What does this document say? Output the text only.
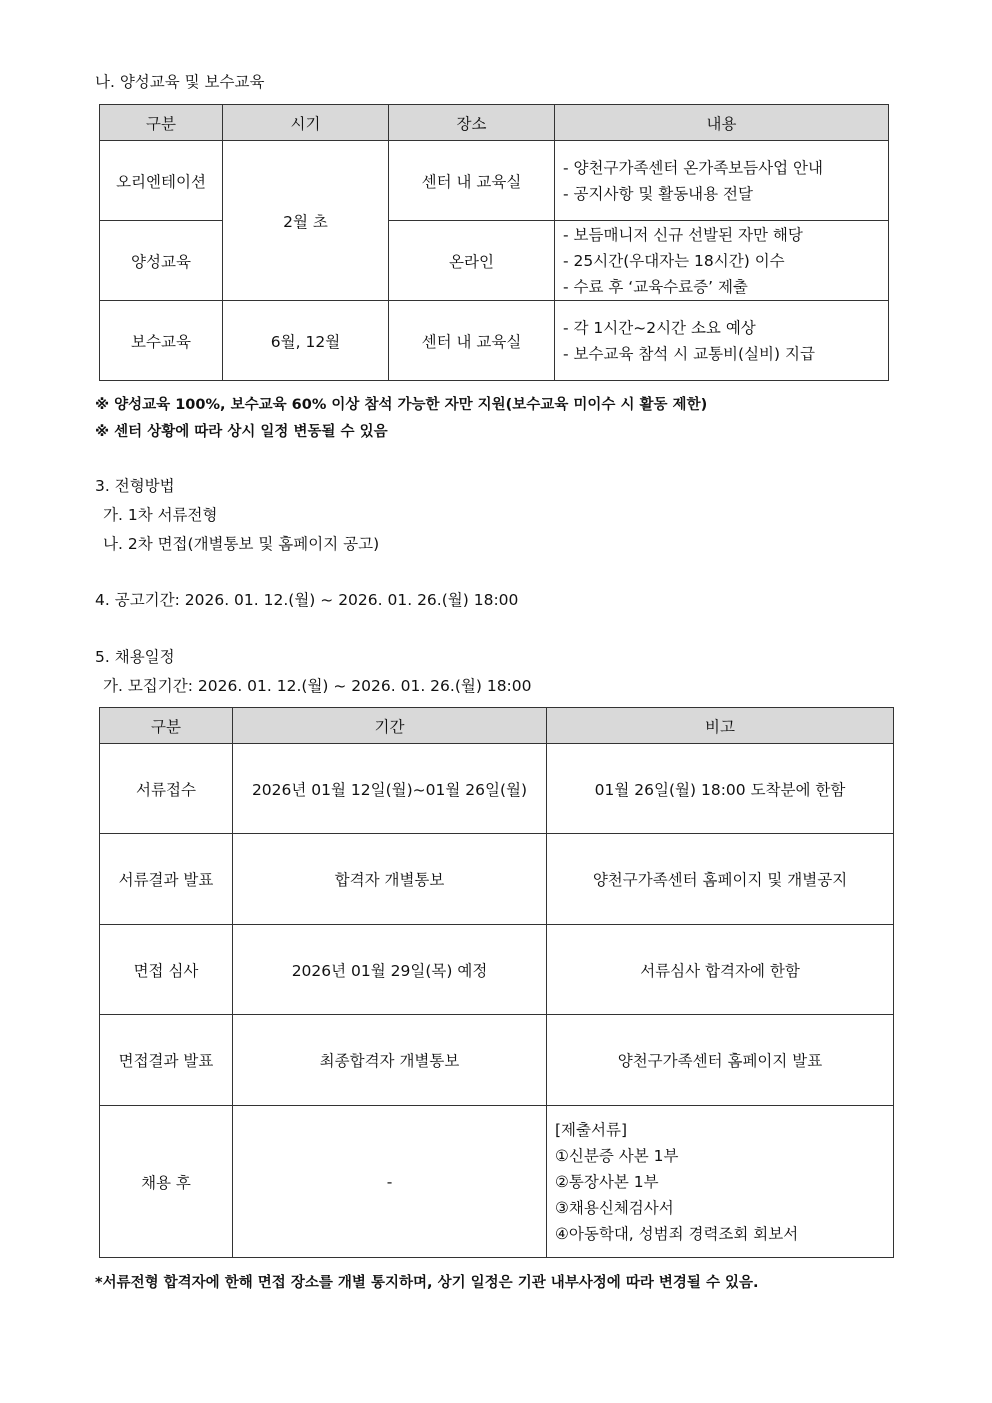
나. 양성교육 및 보수교육
구분	시기	장소	내용
오리엔테이션	2월 초	센터 내 교육실	- 양천구가족센터 온가족보듬사업 안내
- 공지사항 및 활동내용 전달

양성교육		온라인	- 보듬매니저 신규 선발된 자만 해당
- 25시간(우대자는 18시간) 이수
- 수료 후 ‘교육수료증’ 제출

보수교육	6월, 12월	센터 내 교육실	- 각 1시간~2시간 소요 예상
- 보수교육 참석 시 교통비(실비) 지급
※ 양성교육 100%, 보수교육 60% 이상 참석 가능한 자만 지원(보수교육 미이수 시 활동 제한)
※ 센터 상황에 따라 상시 일정 변동될 수 있음
3. 전형방법
가. 1차 서류전형
나. 2차 면접(개별통보 및 홈페이지 공고)
4. 공고기간: 2026. 01. 12.(월) ~ 2026. 01. 26.(월) 18:00
5. 채용일정
가. 모집기간: 2026. 01. 12.(월) ~ 2026. 01. 26.(월) 18:00
구분	기간	비고
서류접수	2026년 01월 12일(월)~01월 26일(월)	01월 26일(월) 18:00 도착분에 한함
서류결과 발표	합격자 개별통보	양천구가족센터 홈페이지 및 개별공지
면접 심사	2026년 01월 29일(목) 예정	서류심사 합격자에 한함
면접결과 발표	최종합격자 개별통보	양천구가족센터 홈페이지 발표
채용 후	-	[제출서류]
①신분증 사본 1부
②통장사본 1부
③채용신체검사서
④아동학대, 성범죄 경력조회 회보서
*서류전형 합격자에 한해 면접 장소를 개별 통지하며, 상기 일정은 기관 내부사정에 따라 변경될 수 있음.
